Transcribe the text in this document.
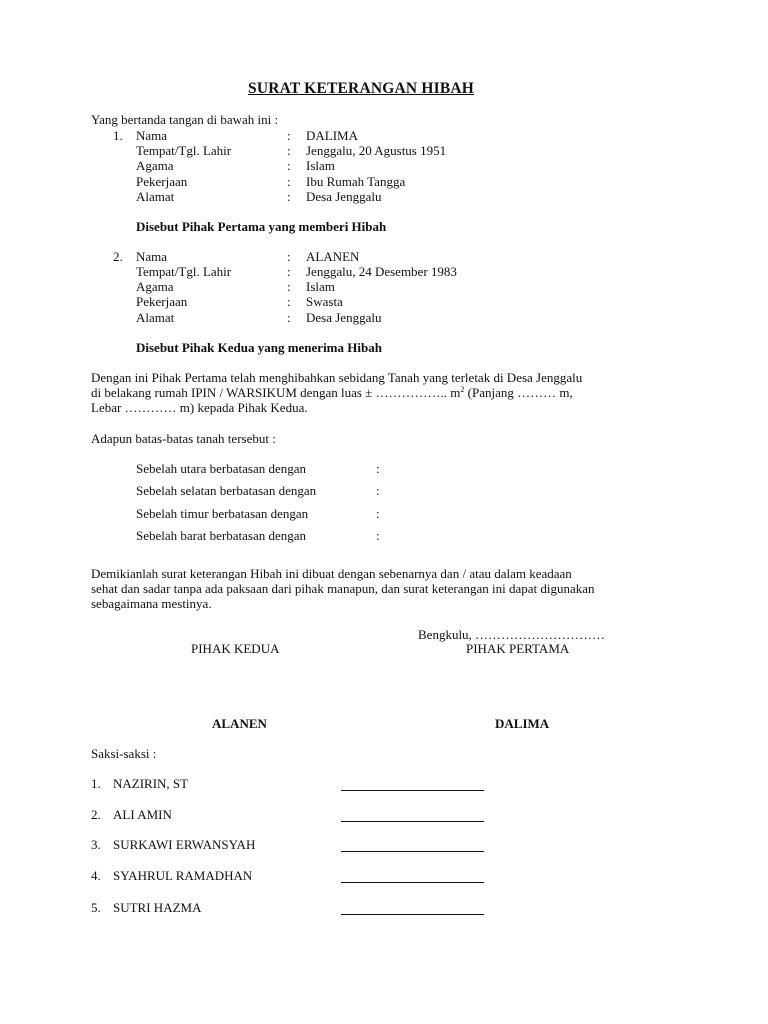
SURAT KETERANGAN HIBAH
Yang bertanda tangan di bawah ini :
1. Nama	: DALIMA
Tempat/Tgl. Lahir	: Jenggalu, 20 Agustus 1951
Agama	: Islam
Pekerjaan	: Ibu Rumah Tangga
Alamat	: Desa Jenggalu
Disebut Pihak Pertama yang memberi Hibah
2. Nama	: ALANEN
Tempat/Tgl. Lahir	: Jenggalu, 24 Desember 1983
Agama	: Islam
Pekerjaan	: Swasta
Alamat	: Desa Jenggalu
Disebut Pihak Kedua yang menerima Hibah
Dengan ini Pihak Pertama telah menghibahkan sebidang Tanah yang terletak di Desa Jenggalu
di belakang rumah IPIN / WARSIKUM dengan luas ± …………….. $m^2$ (Panjang ……… m,
Lebar ………… m) kepada Pihak Kedua.
Adapun batas-batas tanah tersebut :
Sebelah utara berbatasan dengan	:
Sebelah selatan berbatasan dengan	:
Sebelah timur berbatasan dengan	:
Sebelah barat berbatasan dengan	:
Demikianlah surat keterangan Hibah ini dibuat dengan sebenarnya dan / atau dalam keadaan
sehat dan sadar tanpa ada paksaan dari pihak manapun, dan surat keterangan ini dapat digunakan
sebagaimana mestinya.
Bengkulu, …………………………
PIHAK KEDUA	PIHAK PERTAMA
ALANEN	DALIMA
Saksi-saksi :
1. NAZIRIN, ST
2. ALI AMIN
3. SURKAWI ERWANSYAH
4. SYAHRUL RAMADHAN
5. SUTRI HAZMA
